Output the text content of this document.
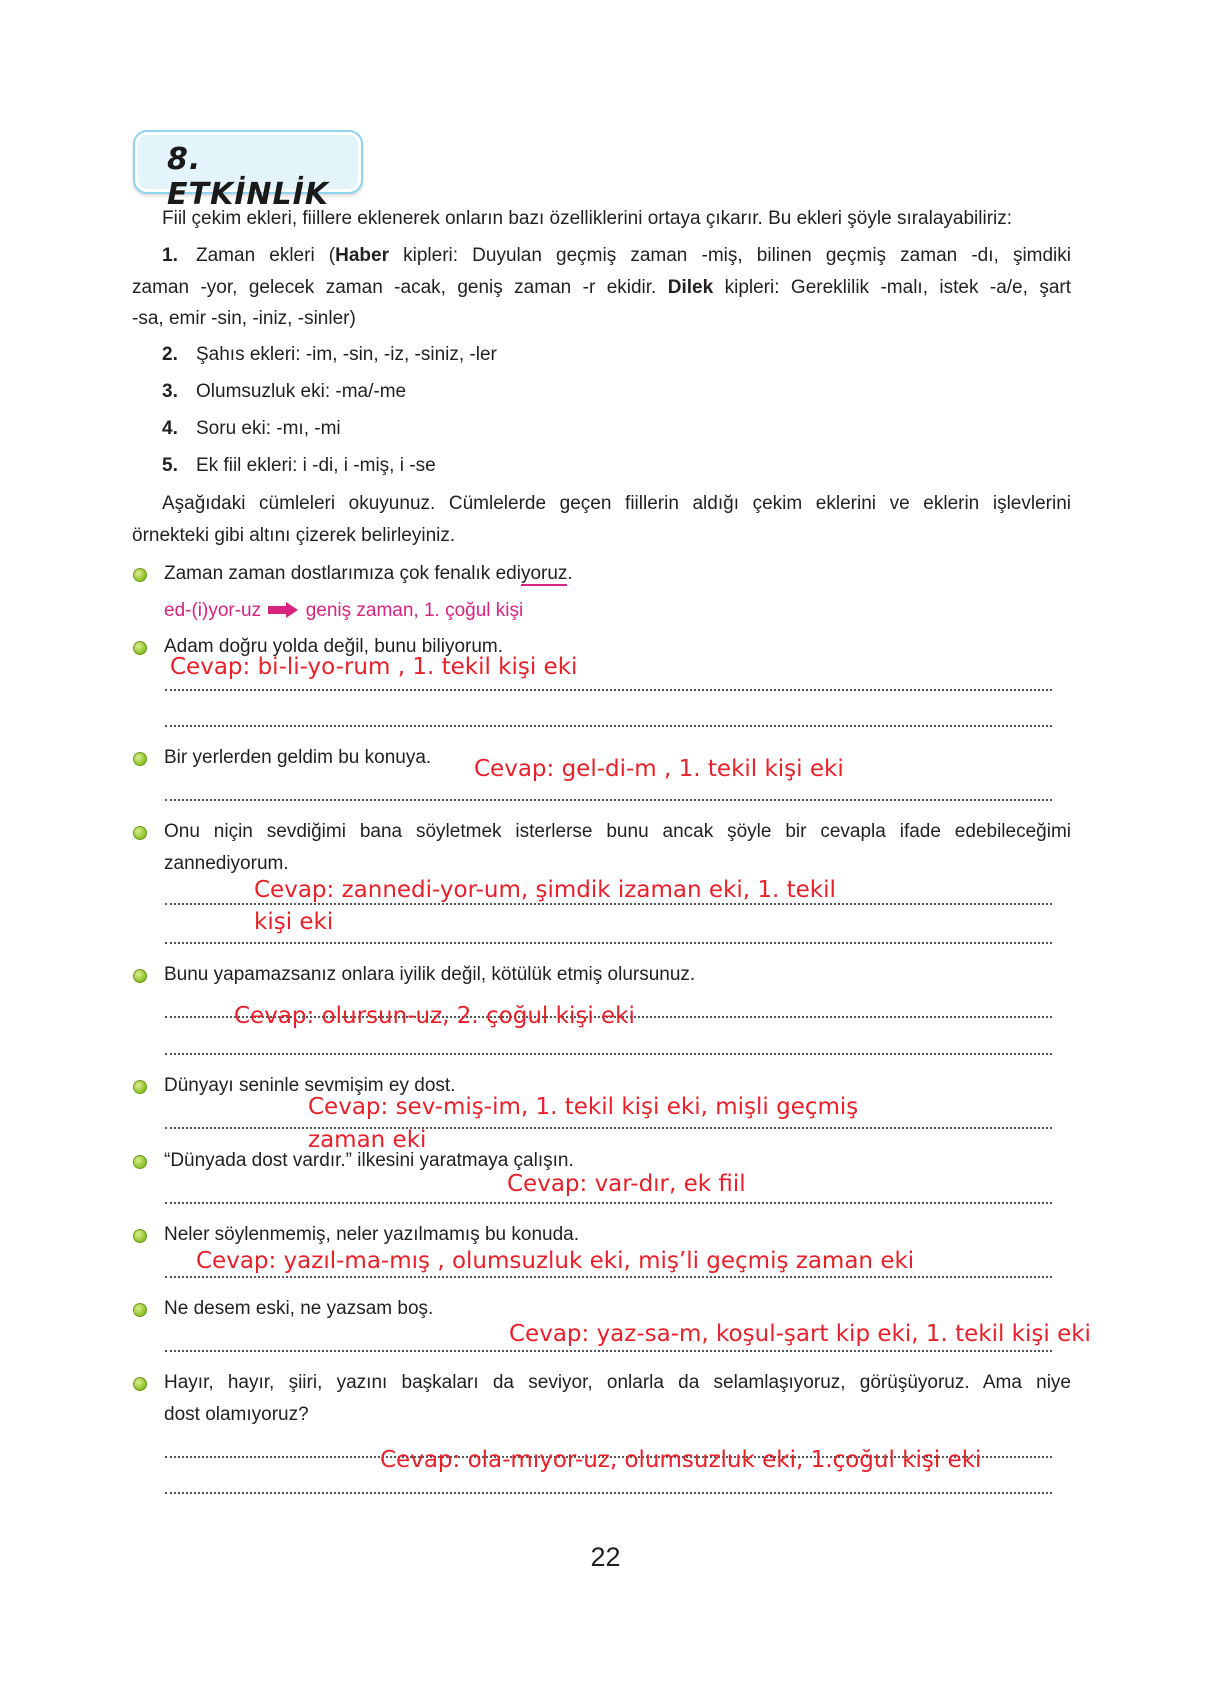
8. ETKİNLİK
Fiil çekim ekleri, fiillere eklenerek onların bazı özelliklerini ortaya çıkarır. Bu ekleri şöyle sıralayabiliriz:
1. Zaman ekleri (Haber kipleri: Duyulan geçmiş zaman -miş, bilinen geçmiş zaman -dı, şimdiki
zaman -yor, gelecek zaman -acak, geniş zaman -r ekidir. Dilek kipleri: Gereklilik -malı, istek -a/e, şart
-sa, emir -sin, -iniz, -sinler)
2. Şahıs ekleri: -im, -sin, -iz, -siniz, -ler
3. Olumsuzluk eki: -ma/-me
4. Soru eki: -mı, -mi
5. Ek fiil ekleri: i -di, i -miş, i -se
Aşağıdaki cümleleri okuyunuz. Cümlelerde geçen fiillerin aldığı çekim eklerini ve eklerin işlevlerini
örnekteki gibi altını çizerek belirleyiniz.
Zaman zaman dostlarımıza çok fenalık ediyoruz.
ed-(i)yor-uz geniş zaman, 1. çoğul kişi
Adam doğru yolda değil, bunu biliyorum.
Cevap: bi-li-yo-rum , 1. tekil kişi eki
Bir yerlerden geldim bu konuya. Cevap: gel-di-m , 1. tekil kişi eki
Onu niçin sevdiğimi bana söyletmek isterlerse bunu ancak şöyle bir cevapla ifade edebileceğimi
zannediyorum.
Cevap: zannedi-yor-um, şimdik izaman eki, 1. tekil
kişi eki
Bunu yapamazsanız onlara iyilik değil, kötülük etmiş olursunuz.
Cevap: olursun-uz, 2. çoğul kişi eki
Dünyayı seninle sevmişim ey dost.
Cevap: sev-miş-im, 1. tekil kişi eki, mişli geçmiş
zaman eki
“Dünyada dost vardır.” ilkesini yaratmaya çalışın.
Cevap: var-dır, ek fiil
Neler söylenmemiş, neler yazılmamış bu konuda.
Cevap: yazıl-ma-mış , olumsuzluk eki, miş’li geçmiş zaman eki
Ne desem eski, ne yazsam boş.
Cevap: yaz-sa-m, koşul-şart kip eki, 1. tekil kişi eki
Hayır, hayır, şiiri, yazını başkaları da seviyor, onlarla da selamlaşıyoruz, görüşüyoruz. Ama niye
dost olamıyoruz?
Cevap: ola-mıyor-uz, olumsuzluk eki, 1.çoğul kişi eki
22
